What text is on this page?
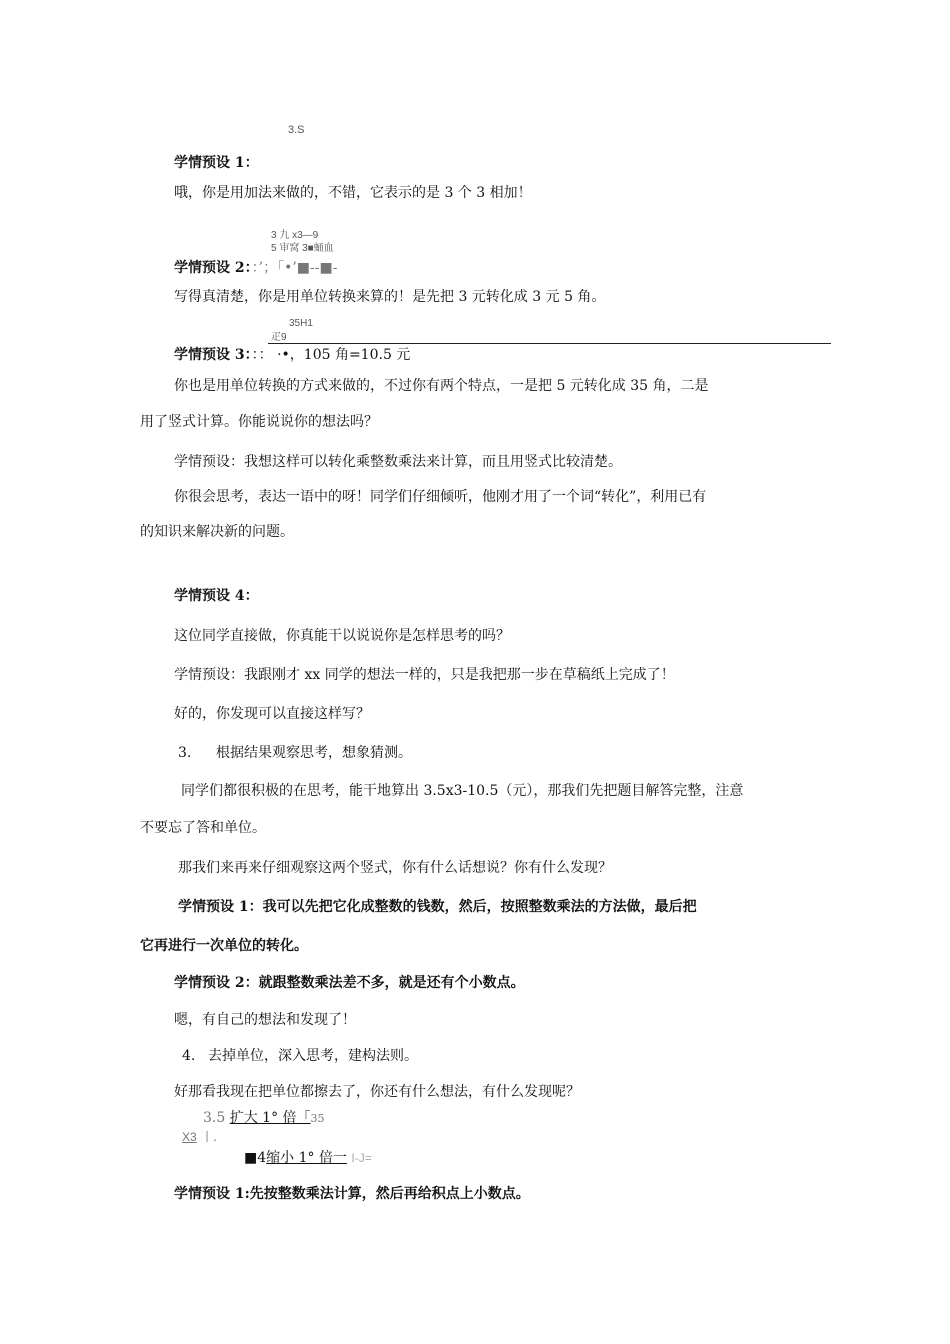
3.S
学情预设 1：
哦，你是用加法来做的，不错，它表示的是 3 个 3 相加！
3 九 x3—9
5 审窝 3■蛹血
学情预设 2：：’；「•’■--■-
写得真清楚，你是用单位转换来算的！是先把 3 元转化成 3 元 5 角。
35H1
疋9
学情预设 3：：： ·•，105 角=10.5 元
你也是用单位转换的方式来做的，不过你有两个特点，一是把 5 元转化成 35 角，二是
用了竖式计算。你能说说你的想法吗？
学情预设：我想这样可以转化乘整数乘法来计算，而且用竖式比较清楚。
你很会思考，表达一语中的呀！同学们仔细倾听，他刚才用了一个词“转化”，利用已有
的知识来解决新的问题。
学情预设 4：
这位同学直接做，你真能干以说说你是怎样思考的吗？
学情预设：我跟刚才 xx 同学的想法一样的，只是我把那一步在草稿纸上完成了！
好的，你发现可以直接这样写？
3. 根据结果观察思考，想象猜测。
同学们都很积极的在思考，能干地算出 3.5x3-10.5（元），那我们先把题目解答完整，注意
不要忘了答和单位。
那我们来再来仔细观察这两个竖式，你有什么话想说？你有什么发现？
学情预设 1：我可以先把它化成整数的钱数，然后，按照整数乘法的方法做，最后把
它再进行一次单位的转化。
学情预设 2：就跟整数乘法差不多，就是还有个小数点。
嗯，有自己的想法和发现了！
4. 去掉单位，深入思考，建构法则。
好那看我现在把单位都擦去了，你还有什么想法，有什么发现呢？
3.5 扩大 1° 倍「35
X3 丨.
■4缩小 1° 倍一 I-J=
学情预设 1:先按整数乘法计算，然后再给积点上小数点。
